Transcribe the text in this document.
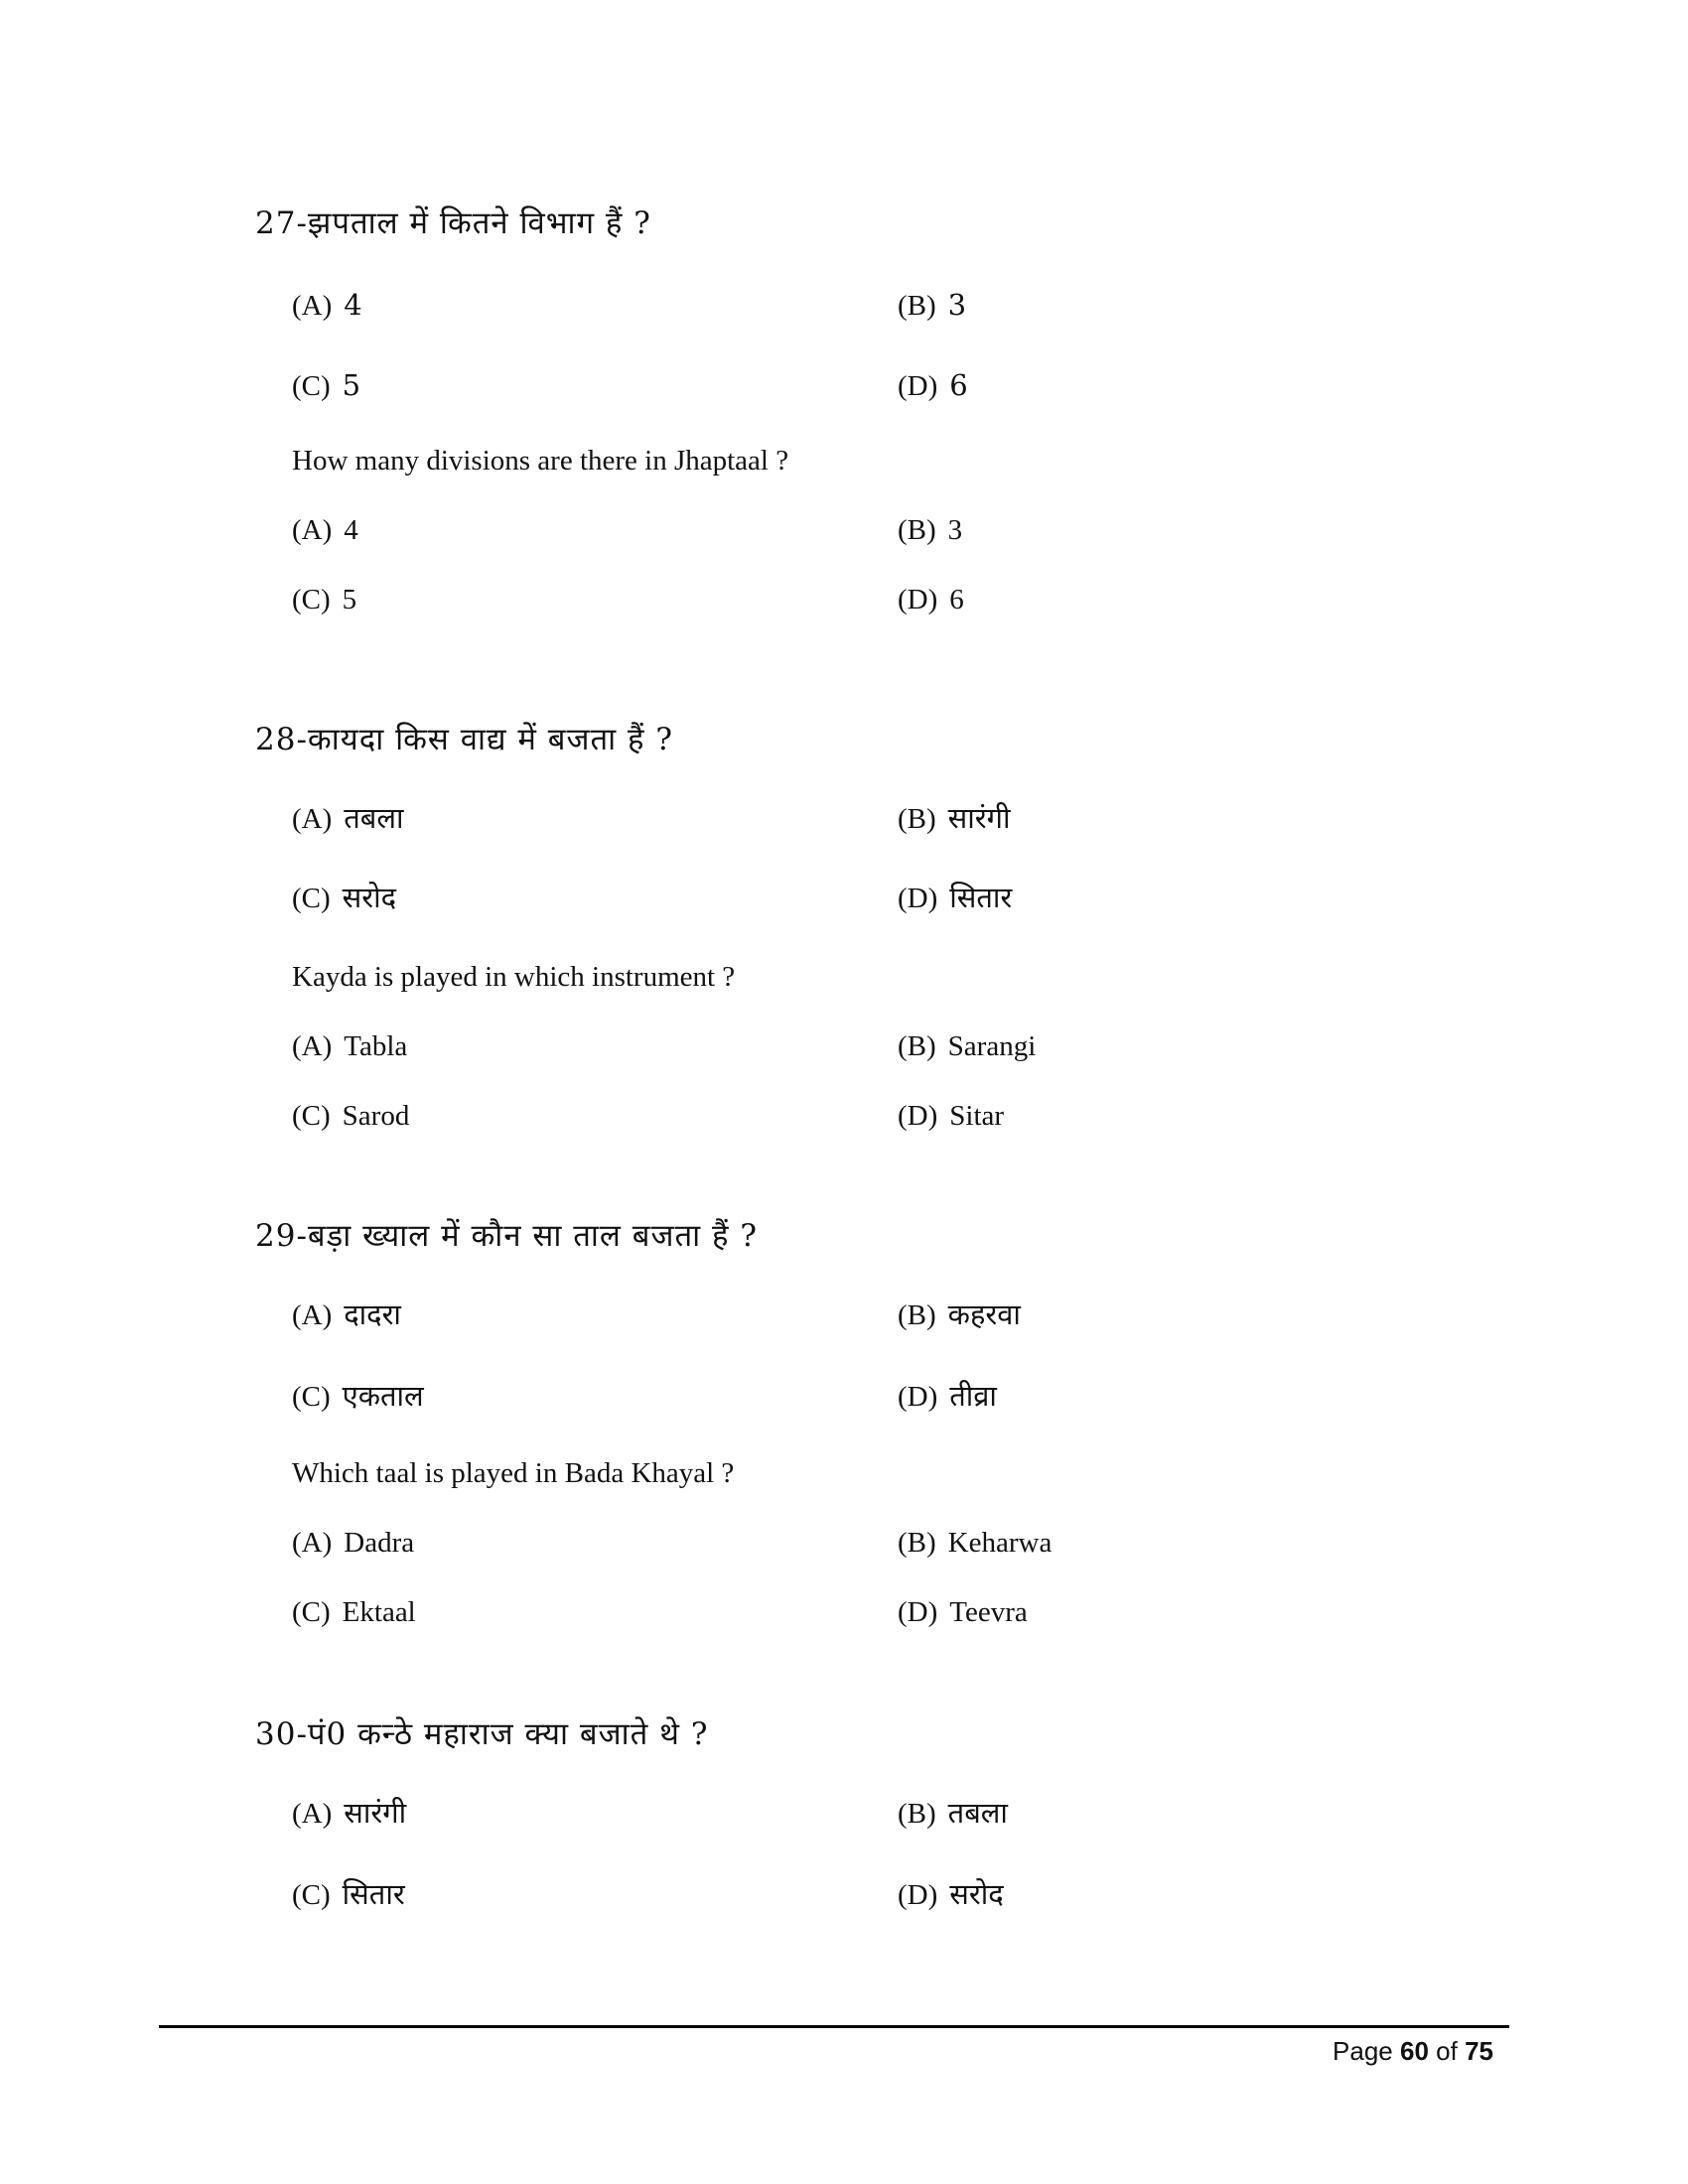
27-झपताल में कितने विभाग हैं ?
(A) 4	(B) 3
(C) 5	(D) 6
How many divisions are there in Jhaptaal ?
(A) 4	(B) 3
(C) 5	(D) 6
28-कायदा किस वाद्य में बजता हैं ?
(A) तबला	(B) सारंगी
(C) सरोद	(D) सितार
Kayda is played in which instrument ?
(A) Tabla	(B) Sarangi
(C) Sarod	(D) Sitar
29-बड़ा ख्याल में कौन सा ताल बजता हैं ?
(A) दादरा	(B) कहरवा
(C) एकताल	(D) तीव्रा
Which taal is played in Bada Khayal ?
(A) Dadra	(B) Keharwa
(C) Ektaal	(D) Teevra
30-पं0 कन्ठे महाराज क्या बजाते थे ?
(A) सारंगी	(B) तबला
(C) सितार	(D) सरोद
Page 60 of 75
